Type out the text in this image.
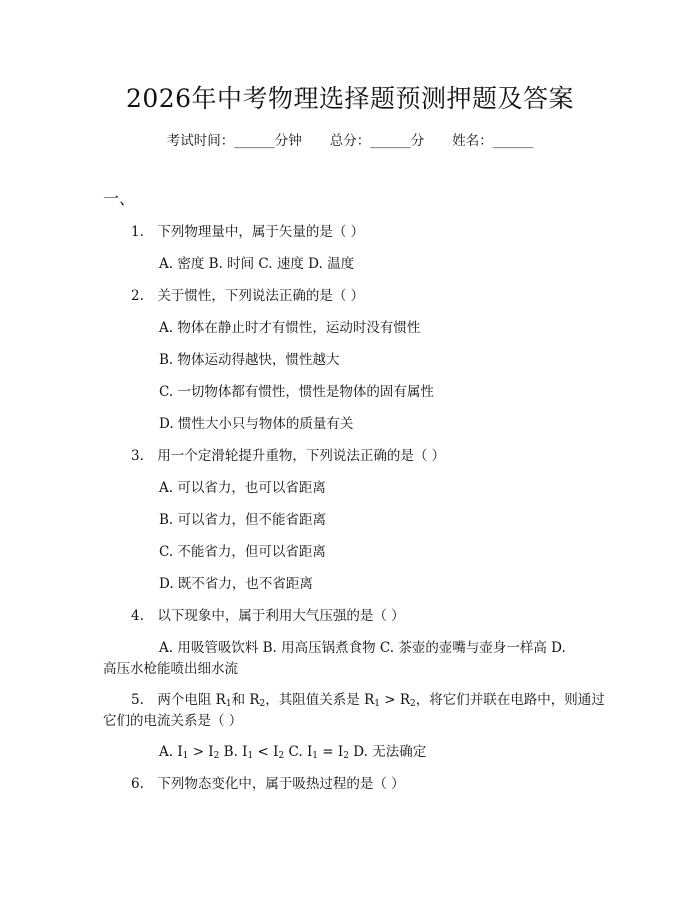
2026年中考物理选择题预测押题及答案
考试时间：______分钟 总分：______分 姓名：______
一、
1.　下列物理量中，属于矢量的是（ ）
A. 密度 B. 时间 C. 速度 D. 温度
2.　关于惯性，下列说法正确的是（ ）
A. 物体在静止时才有惯性，运动时没有惯性
B. 物体运动得越快，惯性越大
C. 一切物体都有惯性，惯性是物体的固有属性
D. 惯性大小只与物体的质量有关
3.　用一个定滑轮提升重物，下列说法正确的是（ ）
A. 可以省力，也可以省距离
B. 可以省力，但不能省距离
C. 不能省力，但可以省距离
D. 既不省力，也不省距离
4.　以下现象中，属于利用大气压强的是（ ）
A. 用吸管吸饮料 B. 用高压锅煮食物 C. 茶壶的壶嘴与壶身一样高 D.
高压水枪能喷出细水流
5.　两个电阻 $R_1$和 $R_2$，其阻值关系是 $R_1 > R_2$，将它们并联在电路中，则通过
它们的电流关系是（ ）
A. $I_1 > I_2$ B. $I_1 < I_2$ C. $I_1 = I_2$ D. 无法确定
6.　下列物态变化中，属于吸热过程的是（ ）
